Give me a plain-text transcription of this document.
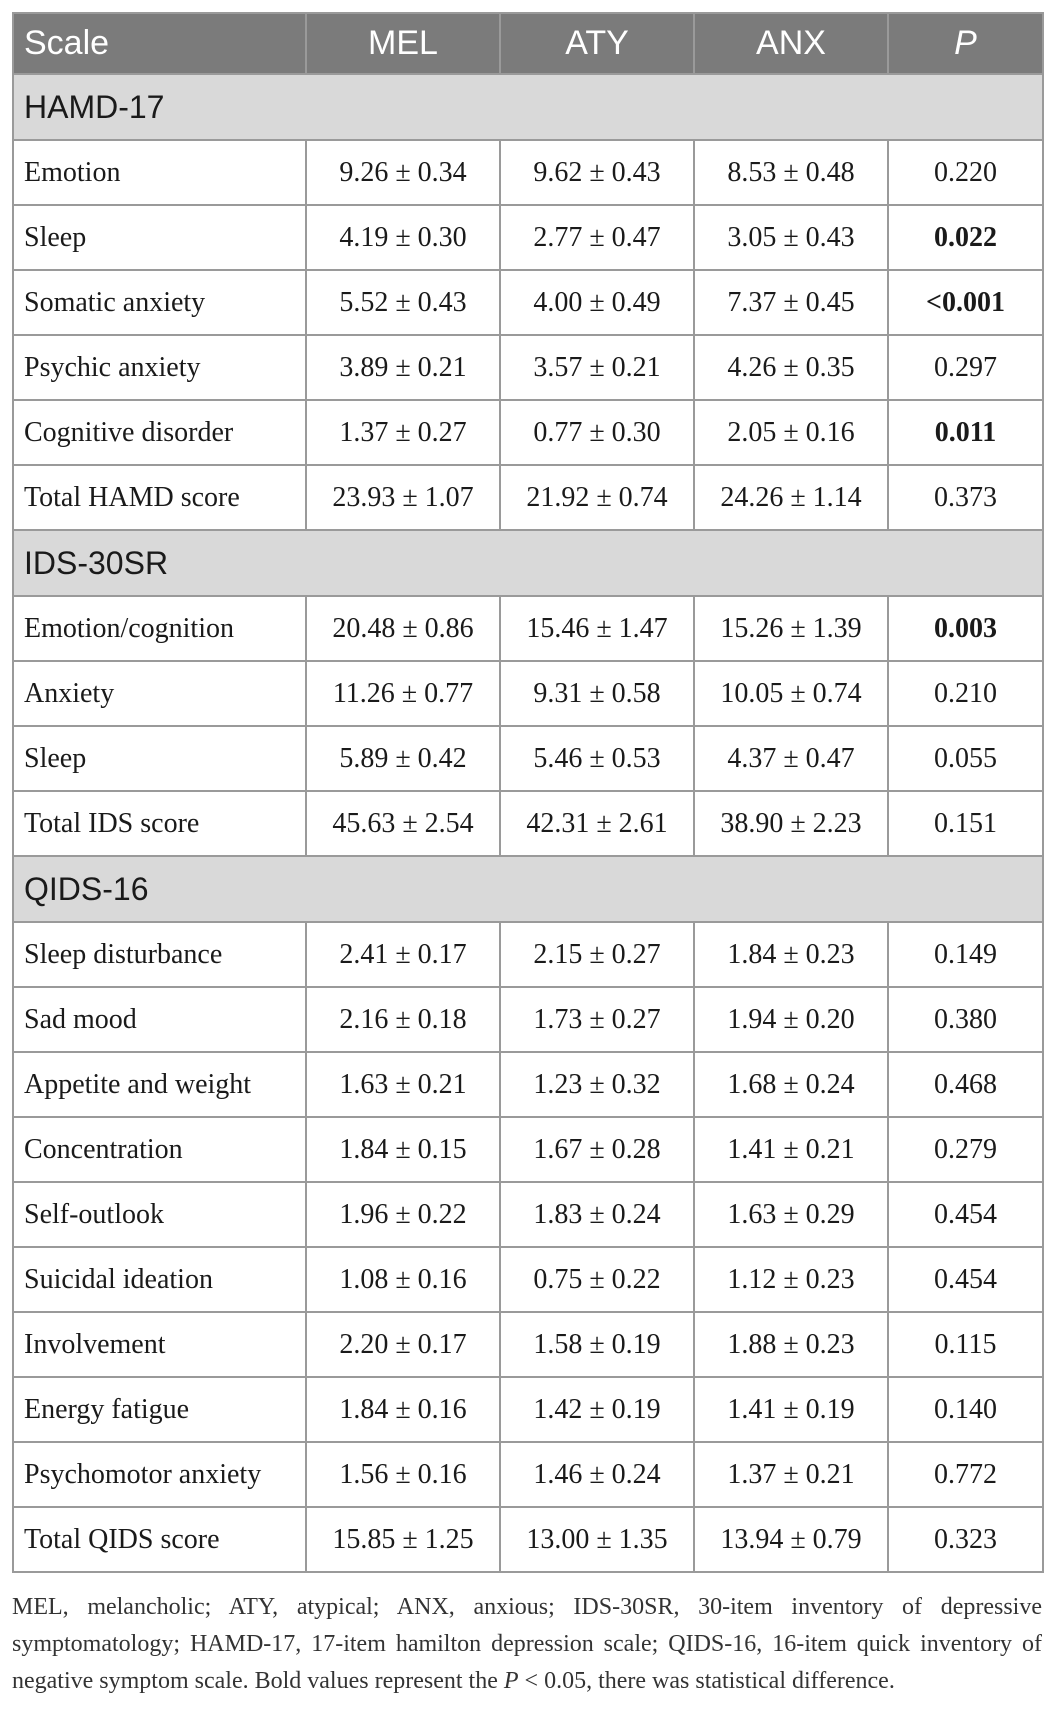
Scale	MEL	ATY	ANX	P
HAMD-17				
Emotion	9.26 ± 0.34	9.62 ± 0.43	8.53 ± 0.48	0.220
Sleep	4.19 ± 0.30	2.77 ± 0.47	3.05 ± 0.43	0.022
Somatic anxiety	5.52 ± 0.43	4.00 ± 0.49	7.37 ± 0.45	<0.001
Psychic anxiety	3.89 ± 0.21	3.57 ± 0.21	4.26 ± 0.35	0.297
Cognitive disorder	1.37 ± 0.27	0.77 ± 0.30	2.05 ± 0.16	0.011
Total HAMD score	23.93 ± 1.07	21.92 ± 0.74	24.26 ± 1.14	0.373
IDS-30SR				
Emotion/cognition	20.48 ± 0.86	15.46 ± 1.47	15.26 ± 1.39	0.003
Anxiety	11.26 ± 0.77	9.31 ± 0.58	10.05 ± 0.74	0.210
Sleep	5.89 ± 0.42	5.46 ± 0.53	4.37 ± 0.47	0.055
Total IDS score	45.63 ± 2.54	42.31 ± 2.61	38.90 ± 2.23	0.151
QIDS-16				
Sleep disturbance	2.41 ± 0.17	2.15 ± 0.27	1.84 ± 0.23	0.149
Sad mood	2.16 ± 0.18	1.73 ± 0.27	1.94 ± 0.20	0.380
Appetite and weight	1.63 ± 0.21	1.23 ± 0.32	1.68 ± 0.24	0.468
Concentration	1.84 ± 0.15	1.67 ± 0.28	1.41 ± 0.21	0.279
Self-outlook	1.96 ± 0.22	1.83 ± 0.24	1.63 ± 0.29	0.454
Suicidal ideation	1.08 ± 0.16	0.75 ± 0.22	1.12 ± 0.23	0.454
Involvement	2.20 ± 0.17	1.58 ± 0.19	1.88 ± 0.23	0.115
Energy fatigue	1.84 ± 0.16	1.42 ± 0.19	1.41 ± 0.19	0.140
Psychomotor anxiety	1.56 ± 0.16	1.46 ± 0.24	1.37 ± 0.21	0.772
Total QIDS score	15.85 ± 1.25	13.00 ± 1.35	13.94 ± 0.79	0.323
MEL, melancholic; ATY, atypical; ANX, anxious; IDS-30SR, 30-item inventory of depressive symptomatology; HAMD-17, 17-item hamilton depression scale; QIDS-16, 16-item quick inventory of negative symptom scale. Bold values represent the P < 0.05, there was statistical difference.
